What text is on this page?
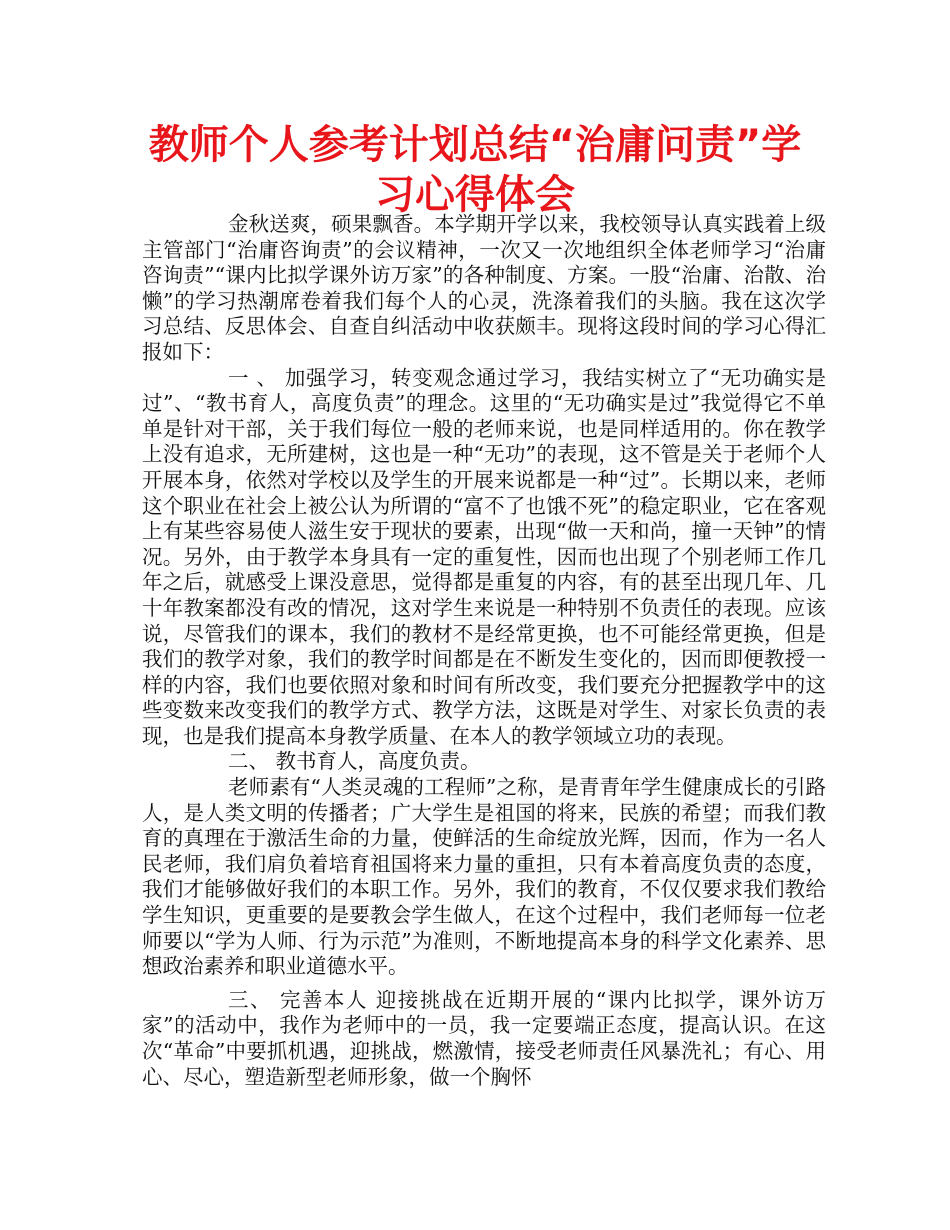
教师个人参考计划总结“治庸问责”学习心得体会

金秋送爽，硕果飘香。本学期开学以来，我校领导认真实践着上级主管部门“治庸咨询责”的会议精神，一次又一次地组织全体老师学习“治庸咨询责”“课内比拟学课外访万家”的各种制度、方案。一股“治庸、治散、治懒”的学习热潮席卷着我们每个人的心灵，洗涤着我们的头脑。我在这次学习总结、反思体会、自查自纠活动中收获颇丰。现将这段时间的学习心得汇报如下：

一 、 加强学习，转变观念通过学习，我结实树立了“无功确实是过”、“教书育人，高度负责”的理念。这里的“无功确实是过”我觉得它不单单是针对干部，关于我们每位一般的老师来说，也是同样适用的。你在教学上没有追求，无所建树，这也是一种“无功”的表现，这不管是关于老师个人开展本身，依然对学校以及学生的开展来说都是一种“过”。长期以来，老师这个职业在社会上被公认为所谓的“富不了也饿不死”的稳定职业，它在客观上有某些容易使人滋生安于现状的要素，出现“做一天和尚，撞一天钟”的情况。另外，由于教学本身具有一定的重复性，因而也出现了个别老师工作几年之后，就感受上课没意思，觉得都是重复的内容，有的甚至出现几年、几十年教案都没有改的情况，这对学生来说是一种特别不负责任的表现。应该说，尽管我们的课本，我们的教材不是经常更换，也不可能经常更换，但是我们的教学对象，我们的教学时间都是在不断发生变化的，因而即便教授一样的内容，我们也要依照对象和时间有所改变，我们要充分把握教学中的这些变数来改变我们的教学方式、教学方法，这既是对学生、对家长负责的表现，也是我们提高本身教学质量、在本人的教学领域立功的表现。

二、 教书育人，高度负责。

老师素有“人类灵魂的工程师”之称，是青青年学生健康成长的引路人，是人类文明的传播者；广大学生是祖国的将来，民族的希望；而我们教育的真理在于激活生命的力量，使鲜活的生命绽放光辉，因而，作为一名人民老师，我们肩负着培育祖国将来力量的重担，只有本着高度负责的态度，我们才能够做好我们的本职工作。另外，我们的教育，不仅仅要求我们教给学生知识，更重要的是要教会学生做人，在这个过程中，我们老师每一位老师要以“学为人师、行为示范”为准则，不断地提高本身的科学文化素养、思想政治素养和职业道德水平。

三、 完善本人 迎接挑战在近期开展的“课内比拟学，课外访万家”的活动中，我作为老师中的一员，我一定要端正态度，提高认识。在这次“革命”中要抓机遇，迎挑战，燃激情，接受老师责任风暴洗礼；有心、用心、尽心，塑造新型老师形象，做一个胸怀
